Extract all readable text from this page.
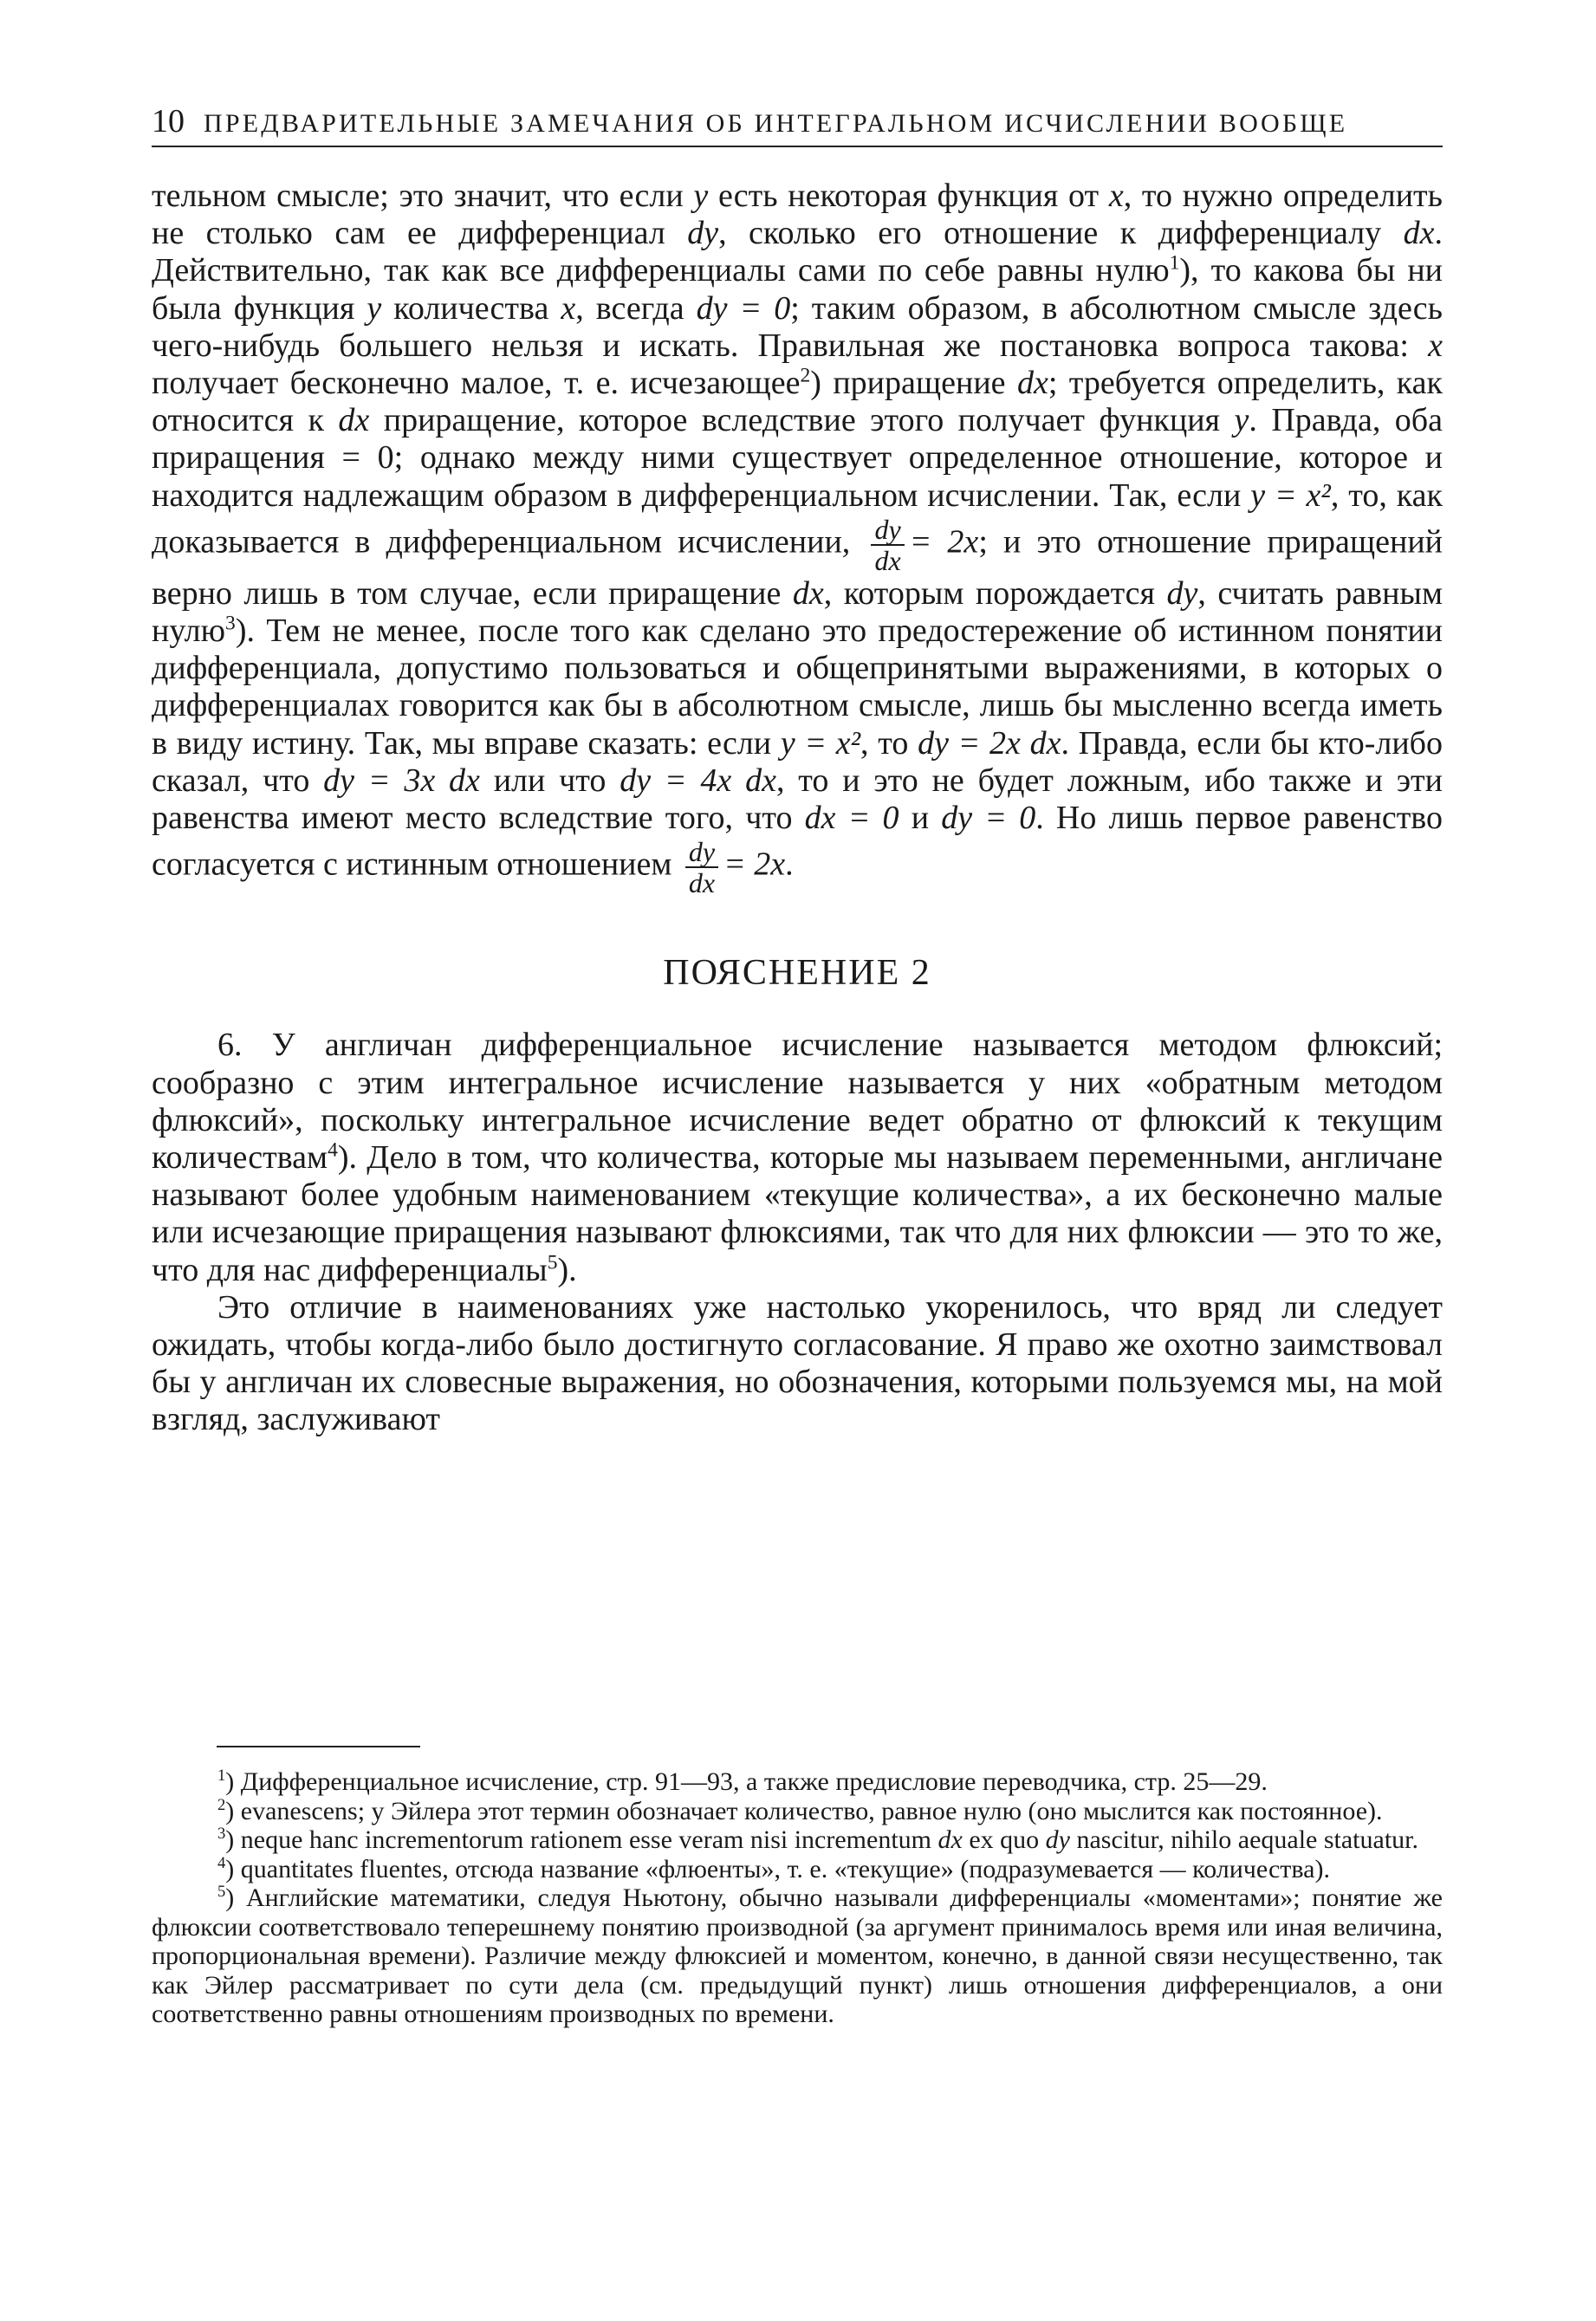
10 ПРЕДВАРИТЕЛЬНЫЕ ЗАМЕЧАНИЯ ОБ ИНТЕГРАЛЬНОМ ИСЧИСЛЕНИИ ВООБЩЕ

тельном смысле; это значит, что если y есть некоторая функция от x, то нужно определить не столько сам ее дифференциал dy, сколько его отношение к дифференциалу dx. Действительно, так как все дифференциалы сами по себе равны нулю$^1$), то какова бы ни была функция y количества x, всегда dy = 0; таким образом, в абсолютном смысле здесь чего-нибудь большего нельзя и искать. Правильная же постановка вопроса такова: x получает бесконечно малое, т. е. исчезающее$^2$) приращение dx; требуется определить, как относится к dx приращение, которое вследствие этого получает функция y. Правда, оба приращения = 0; однако между ними существует определенное отношение, которое и находится надлежащим образом в дифференциальном исчислении. Так, если y = x², то, как доказывается в дифференциальном исчислении, $\frac{dy}{dx} = 2x$; и это отношение приращений верно лишь в том случае, если приращение dx, которым порождается dy, считать равным нулю$^3$). Тем не менее, после того как сделано это предостережение об истинном понятии дифференциала, допустимо пользоваться и общепринятыми выражениями, в которых о дифференциалах говорится как бы в абсолютном смысле, лишь бы мысленно всегда иметь в виду истину. Так, мы вправе сказать: если y = x², то dy = 2x dx. Правда, если бы кто-либо сказал, что dy = 3x dx или что dy = 4x dx, то и это не будет ложным, ибо также и эти равенства имеют место вследствие того, что dx = 0 и dy = 0. Но лишь первое равенство согласуется с истинным отношением $\frac{dy}{dx} = 2x$.

ПОЯСНЕНИЕ 2

6. У англичан дифференциальное исчисление называется методом флюксий; сообразно с этим интегральное исчисление называется у них «обратным методом флюксий», поскольку интегральное исчисление ведет обратно от флюксий к текущим количествам$^4$). Дело в том, что количества, которые мы называем переменными, англичане называют более удобным наименованием «текущие количества», а их бесконечно малые или исчезающие приращения называют флюксиями, так что для них флюксии — это то же, что для нас дифференциалы$^5$).

Это отличие в наименованиях уже настолько укоренилось, что вряд ли следует ожидать, чтобы когда-либо было достигнуто согласование. Я право же охотно заимствовал бы у англичан их словесные выражения, но обозначения, которыми пользуемся мы, на мой взгляд, заслуживают

$^1$) Дифференциальное исчисление, стр. 91—93, а также предисловие переводчика, стр. 25—29.

$^2$) evanescens; у Эйлера этот термин обозначает количество, равное нулю (оно мыслится как постоянное).

$^3$) neque hanc incrementorum rationem esse veram nisi incrementum dx ex quo dy nascitur, nihilo aequale statuatur.

$^4$) quantitates fluentes, отсюда название «флюенты», т. е. «текущие» (подразумевается — количества).

$^5$) Английские математики, следуя Ньютону, обычно называли дифференциалы «моментами»; понятие же флюксии соответствовало теперешнему понятию производной (за аргумент принималось время или иная величина, пропорциональная времени). Различие между флюксией и моментом, конечно, в данной связи несущественно, так как Эйлер рассматривает по сути дела (см. предыдущий пункт) лишь отношения дифференциалов, а они соответственно равны отношениям производных по времени.
